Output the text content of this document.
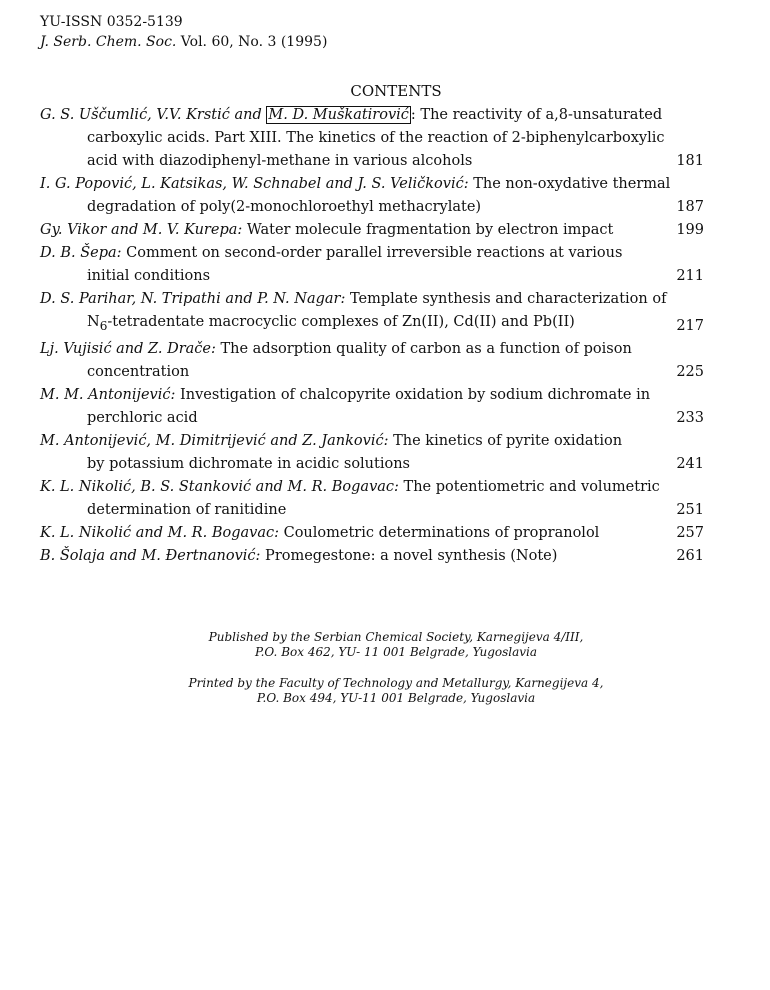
YU-ISSN 0352-5139
J. Serb. Chem. Soc. Vol. 60, No. 3 (1995)
CONTENTS
G. S. Uščumlić, V.V. Krstić and M. D. Muškatirović : The reactivity of a,8-unsaturated
carboxylic acids. Part XIII. The kinetics of the reaction of 2-biphenylcarboxylic
acid with diazodiphenyl-methane in various alcohols	181
I. G. Popović, L. Katsikas, W. Schnabel and J. S. Veličković: The non-oxydative thermal
degradation of poly(2-monochloroethyl methacrylate)	187
Gy. Vikor and M. V. Kurepa: Water molecule fragmentation by electron impact	199
D. B. Šepa: Comment on second-order parallel irreversible reactions at various
initial conditions	211
D. S. Parihar, N. Tripathi and P. N. Nagar: Template synthesis and characterization of
$N_6$-tetradentate macrocyclic complexes of Zn(II), Cd(II) and Pb(II)	217
Lj. Vujisić and Z. Drače: The adsorption quality of carbon as a function of poison
concentration	225
M. M. Antonijević: Investigation of chalcopyrite oxidation by sodium dichromate in
perchloric acid	233
M. Antonijević, M. Dimitrijević and Z. Janković: The kinetics of pyrite oxidation
by potassium dichromate in acidic solutions	241
K. L. Nikolić, B. S. Stanković and M. R. Bogavac: The potentiometric and volumetric
determination of ranitidine	251
K. L. Nikolić and M. R. Bogavac: Coulometric determinations of propranolol	257
B. Šolaja and M. Đertnanović: Promegestone: a novel synthesis (Note)	261
Published by the Serbian Chemical Society, Karnegijeva 4/III,
P.O. Box 462, YU- 11 001 Belgrade, Yugoslavia
Printed by the Faculty of Technology and Metallurgy, Karnegijeva 4,
P.O. Box 494, YU-11 001 Belgrade, Yugoslavia
